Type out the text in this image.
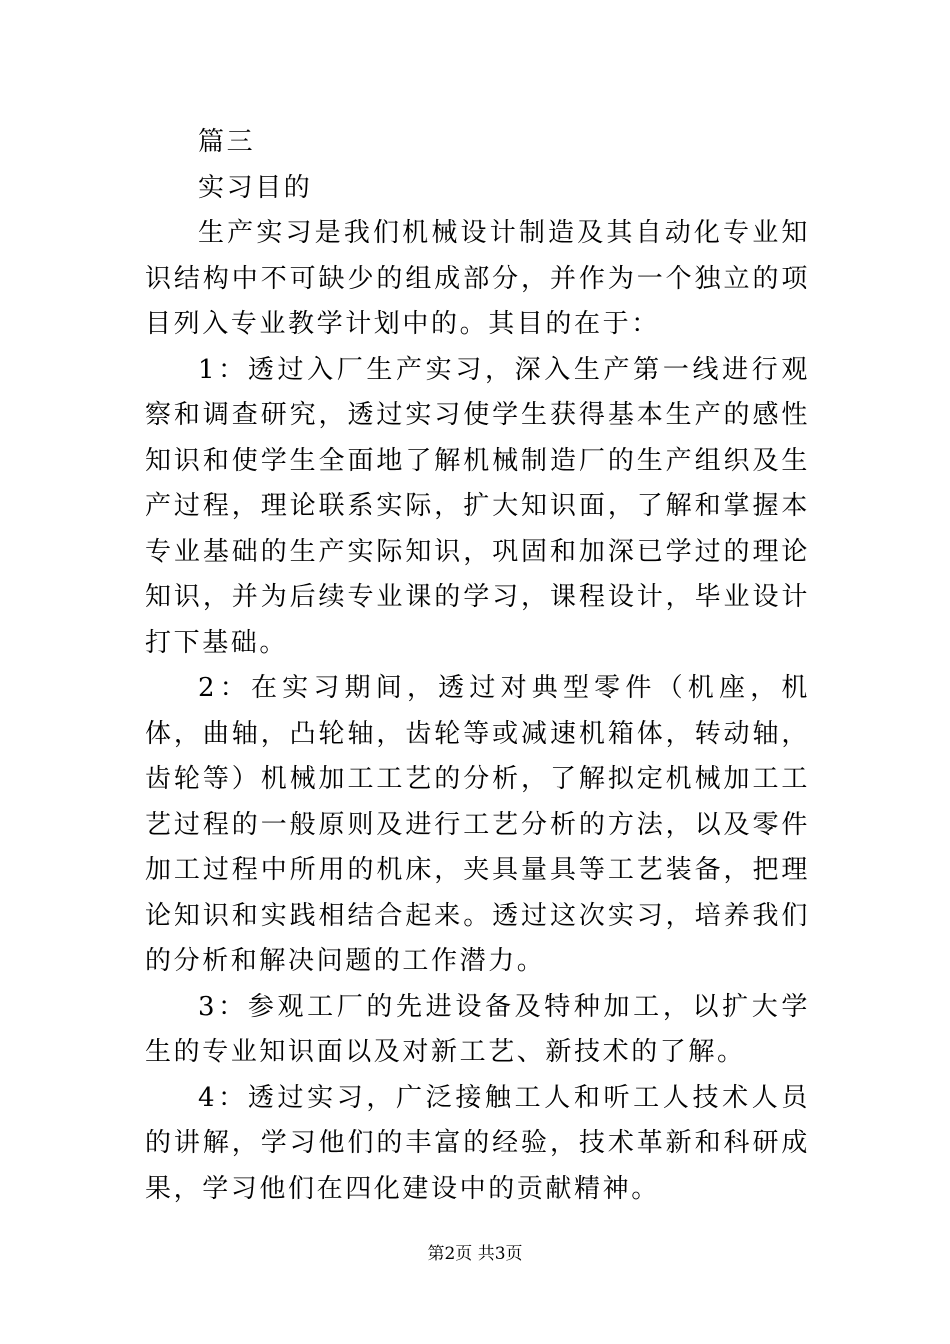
篇三

实习目的

生产实习是我们机械设计制造及其自动化专业知识结构中不可缺少的组成部分，并作为一个独立的项目列入专业教学计划中的。其目的在于：

1：透过入厂生产实习，深入生产第一线进行观察和调查研究，透过实习使学生获得基本生产的感性知识和使学生全面地了解机械制造厂的生产组织及生产过程，理论联系实际，扩大知识面，了解和掌握本专业基础的生产实际知识，巩固和加深已学过的理论知识，并为后续专业课的学习，课程设计，毕业设计打下基础。

2：在实习期间，透过对典型零件（机座，机体，曲轴，凸轮轴，齿轮等或减速机箱体，转动轴，齿轮等）机械加工工艺的分析，了解拟定机械加工工艺过程的一般原则及进行工艺分析的方法，以及零件加工过程中所用的机床，夹具量具等工艺装备，把理论知识和实践相结合起来。透过这次实习，培养我们的分析和解决问题的工作潜力。

3：参观工厂的先进设备及特种加工，以扩大学生的专业知识面以及对新工艺、新技术的了解。

4：透过实习，广泛接触工人和听工人技术人员的讲解，学习他们的丰富的经验，技术革新和科研成果，学习他们在四化建设中的贡献精神。

第2页 共3页
